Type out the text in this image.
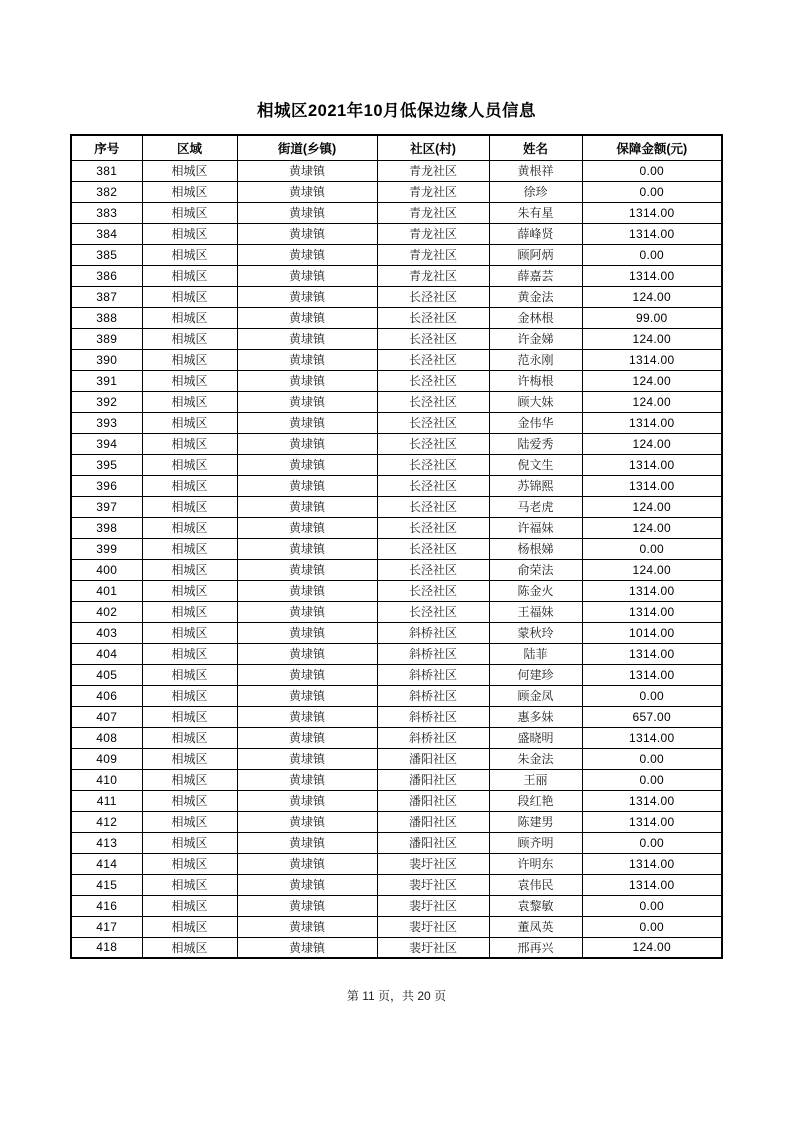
相城区2021年10月低保边缘人员信息
序号	区域	街道(乡镇)	社区(村)	姓名	保障金额(元)
381	相城区	黄埭镇	青龙社区	黄根祥	0.00
382	相城区	黄埭镇	青龙社区	徐珍	0.00
383	相城区	黄埭镇	青龙社区	朱有星	1314.00
384	相城区	黄埭镇	青龙社区	薛峰贤	1314.00
385	相城区	黄埭镇	青龙社区	顾阿炳	0.00
386	相城区	黄埭镇	青龙社区	薛嘉芸	1314.00
387	相城区	黄埭镇	长泾社区	黄金法	124.00
388	相城区	黄埭镇	长泾社区	金林根	99.00
389	相城区	黄埭镇	长泾社区	许金娣	124.00
390	相城区	黄埭镇	长泾社区	范永刚	1314.00
391	相城区	黄埭镇	长泾社区	许梅根	124.00
392	相城区	黄埭镇	长泾社区	顾大妹	124.00
393	相城区	黄埭镇	长泾社区	金伟华	1314.00
394	相城区	黄埭镇	长泾社区	陆爱秀	124.00
395	相城区	黄埭镇	长泾社区	倪文生	1314.00
396	相城区	黄埭镇	长泾社区	苏锦熙	1314.00
397	相城区	黄埭镇	长泾社区	马老虎	124.00
398	相城区	黄埭镇	长泾社区	许福妹	124.00
399	相城区	黄埭镇	长泾社区	杨根娣	0.00
400	相城区	黄埭镇	长泾社区	俞荣法	124.00
401	相城区	黄埭镇	长泾社区	陈金火	1314.00
402	相城区	黄埭镇	长泾社区	王福妹	1314.00
403	相城区	黄埭镇	斜桥社区	蒙秋玲	1014.00
404	相城区	黄埭镇	斜桥社区	陆菲	1314.00
405	相城区	黄埭镇	斜桥社区	何建珍	1314.00
406	相城区	黄埭镇	斜桥社区	顾金凤	0.00
407	相城区	黄埭镇	斜桥社区	惠多妹	657.00
408	相城区	黄埭镇	斜桥社区	盛晓明	1314.00
409	相城区	黄埭镇	潘阳社区	朱金法	0.00
410	相城区	黄埭镇	潘阳社区	王丽	0.00
411	相城区	黄埭镇	潘阳社区	段红艳	1314.00
412	相城区	黄埭镇	潘阳社区	陈建男	1314.00
413	相城区	黄埭镇	潘阳社区	顾齐明	0.00
414	相城区	黄埭镇	裴圩社区	许明东	1314.00
415	相城区	黄埭镇	裴圩社区	袁伟民	1314.00
416	相城区	黄埭镇	裴圩社区	袁黎敏	0.00
417	相城区	黄埭镇	裴圩社区	董凤英	0.00
418	相城区	黄埭镇	裴圩社区	邢再兴	124.00
第 11 页，共 20 页
